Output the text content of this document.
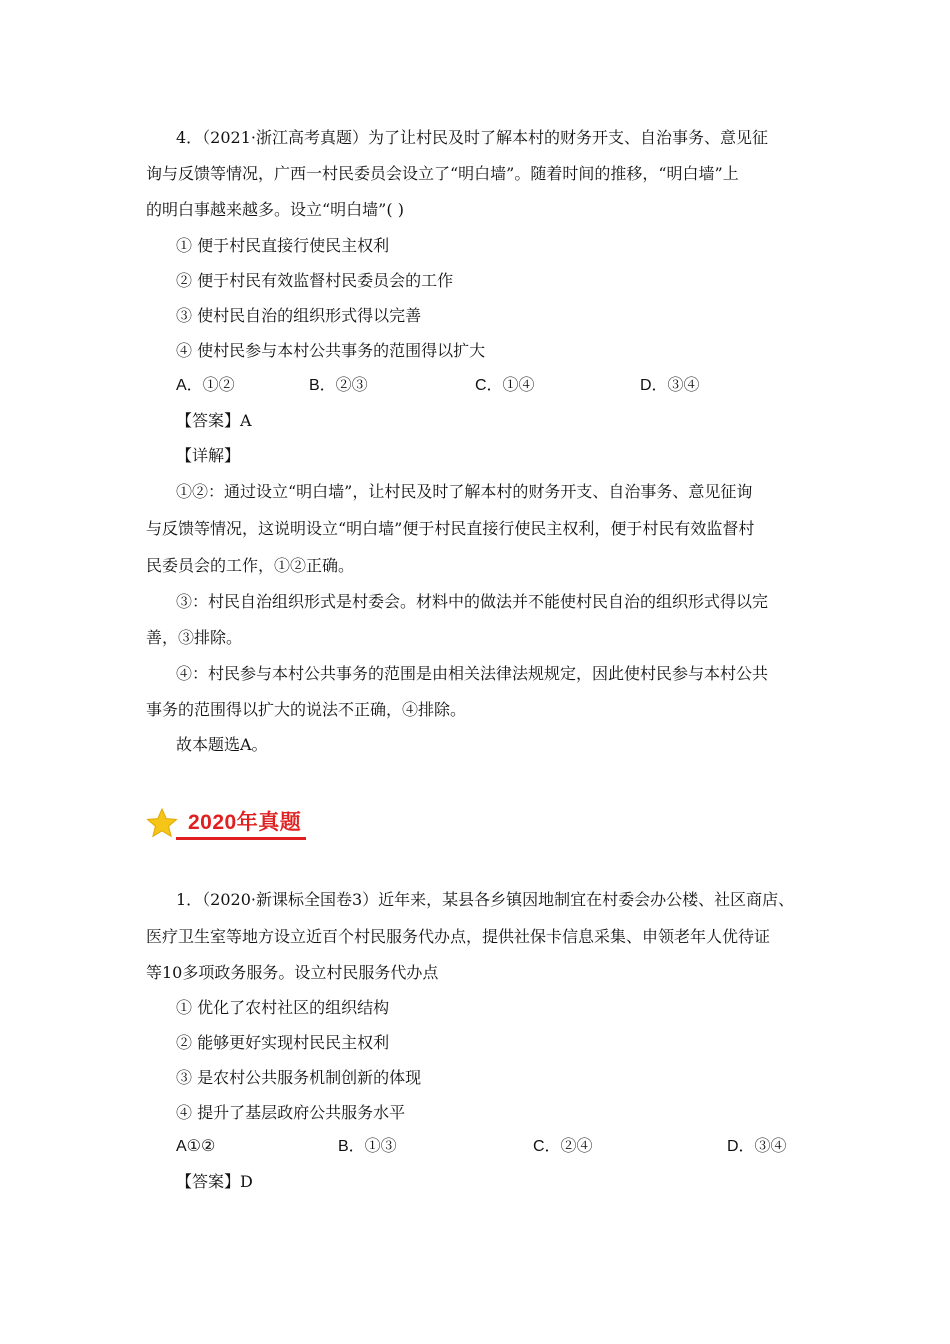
4．（2021·浙江高考真题）为了让村民及时了解本村的财务开支、自治事务、意见征
询与反馈等情况，广西一村民委员会设立了“明白墙”。随着时间的推移，“明白墙”上
的明白事越来越多。设立“明白墙”( )
① 便于村民直接行使民主权利
② 便于村民有效监督村民委员会的工作
③ 使村民自治的组织形式得以完善
④ 使村民参与本村公共事务的范围得以扩大
A．①②	B．②③	C．①④	D．③④
【答案】A
【详解】
①②：通过设立“明白墙”，让村民及时了解本村的财务开支、自治事务、意见征询
与反馈等情况，这说明设立“明白墙”便于村民直接行使民主权利，便于村民有效监督村
民委员会的工作，①②正确。
③：村民自治组织形式是村委会。材料中的做法并不能使村民自治的组织形式得以完
善，③排除。
④：村民参与本村公共事务的范围是由相关法律法规规定，因此使村民参与本村公共
事务的范围得以扩大的说法不正确，④排除。
故本题选A。
2020年真题
1．（2020·新课标全国卷3）近年来，某县各乡镇因地制宜在村委会办公楼、社区商店、
医疗卫生室等地方设立近百个村民服务代办点，提供社保卡信息采集、申领老年人优待证
等10多项政务服务。设立村民服务代办点
① 优化了农村社区的组织结构
② 能够更好实现村民民主权利
③ 是农村公共服务机制创新的体现
④ 提升了基层政府公共服务水平
A①②	B．①③	C．②④	D．③④
【答案】D
